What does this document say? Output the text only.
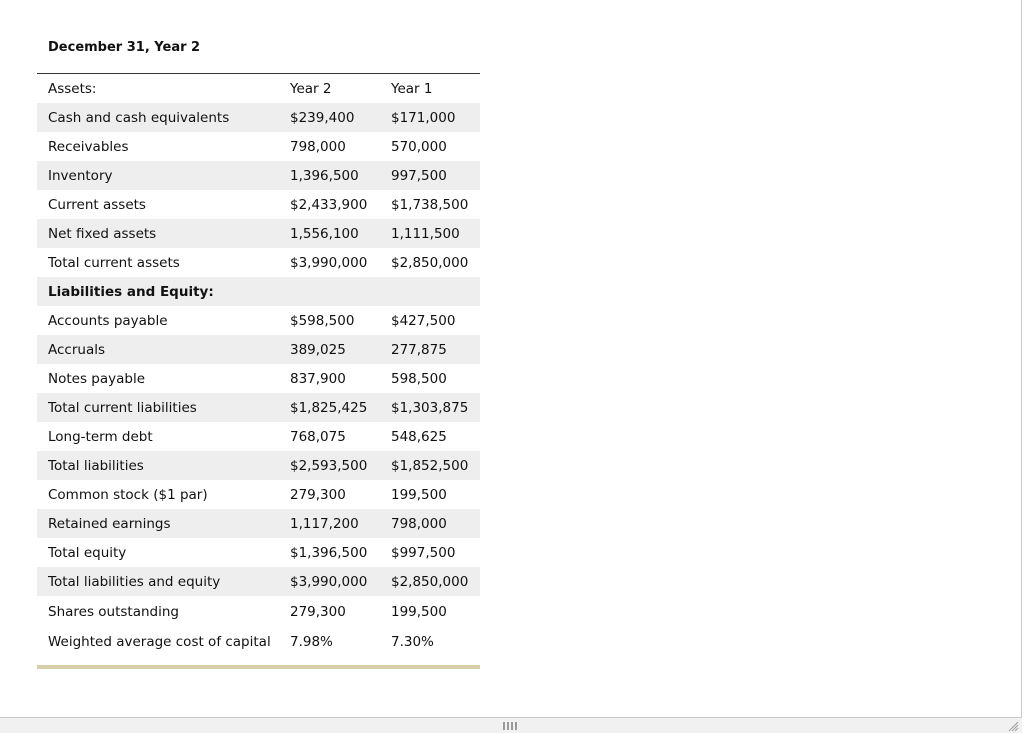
December 31, Year 2
Assets:	Year 2	Year 1
Cash and cash equivalents	$239,400	$171,000
Receivables	798,000	570,000
Inventory	1,396,500	997,500
Current assets	$2,433,900	$1,738,500
Net fixed assets	1,556,100	1,111,500
Total current assets	$3,990,000	$2,850,000
Liabilities and Equity:
Accounts payable	$598,500	$427,500
Accruals	389,025	277,875
Notes payable	837,900	598,500
Total current liabilities	$1,825,425	$1,303,875
Long-term debt	768,075	548,625
Total liabilities	$2,593,500	$1,852,500
Common stock ($1 par)	279,300	199,500
Retained earnings	1,117,200	798,000
Total equity	$1,396,500	$997,500
Total liabilities and equity	$3,990,000	$2,850,000
Shares outstanding	279,300	199,500
Weighted average cost of capital	7.98%	7.30%
